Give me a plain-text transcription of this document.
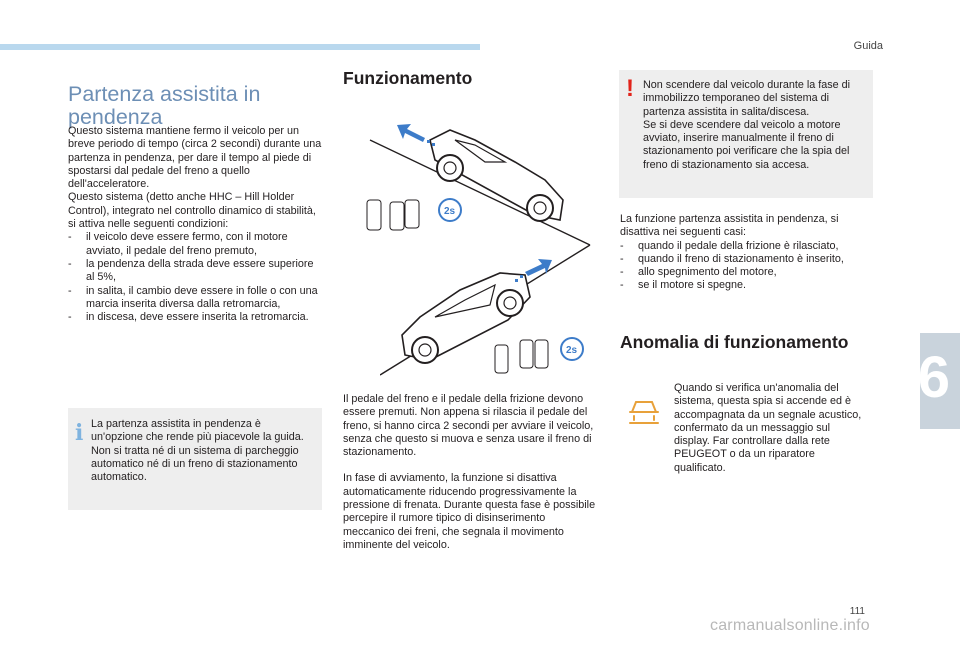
Guida
6
111
carmanualsonline.info
Partenza assistita in pendenza

Questo sistema mantiene fermo il veicolo per un breve periodo di tempo (circa 2 secondi) durante una partenza in pendenza, per dare il tempo al piede di spostarsi dal pedale del freno a quello dell'acceleratore.

Questo sistema (detto anche HHC – Hill Holder Control), integrato nel controllo dinamico di stabilità, si attiva nelle seguenti condizioni:

- il veicolo deve essere fermo, con il motore avviato, il pedale del freno premuto,
- la pendenza della strada deve essere superiore al 5%,
- in salita, il cambio deve essere in folle o con una marcia inserita diversa dalla retromarcia,
- in discesa, deve essere inserita la retromarcia.
i La partenza assistita in pendenza è un'opzione che rende più piacevole la guida. Non si tratta né di un sistema di parcheggio automatico né di un freno di stazionamento automatico.
Funzionamento
2s
2s

Il pedale del freno e il pedale della frizione devono essere premuti. Non appena si rilascia il pedale del freno, si hanno circa 2 secondi per avviare il veicolo, senza che questo si muova e senza usare il freno di stazionamento.

In fase di avviamento, la funzione si disattiva automaticamente riducendo progressivamente la pressione di frenata. Durante questa fase è possibile percepire il rumore tipico di disinserimento meccanico dei freni, che segnala il movimento imminente del veicolo.

! Non scendere dal veicolo durante la fase di immobilizzo temporaneo del sistema di partenza assistita in salita/discesa.

Se si deve scendere dal veicolo a motore avviato, inserire manualmente il freno di stazionamento poi verificare che la spia del freno di stazionamento sia accesa.

La funzione partenza assistita in pendenza, si disattiva nei seguenti casi:

- quando il pedale della frizione è rilasciato,
- quando il freno di stazionamento è inserito,
- allo spegnimento del motore,
- se il motore si spegne.
Anomalia di funzionamento
Quando si verifica un'anomalia del sistema, questa spia si accende ed è accompagnata da un segnale acustico, confermato da un messaggio sul display. Far controllare dalla rete PEUGEOT o da un riparatore qualificato.
